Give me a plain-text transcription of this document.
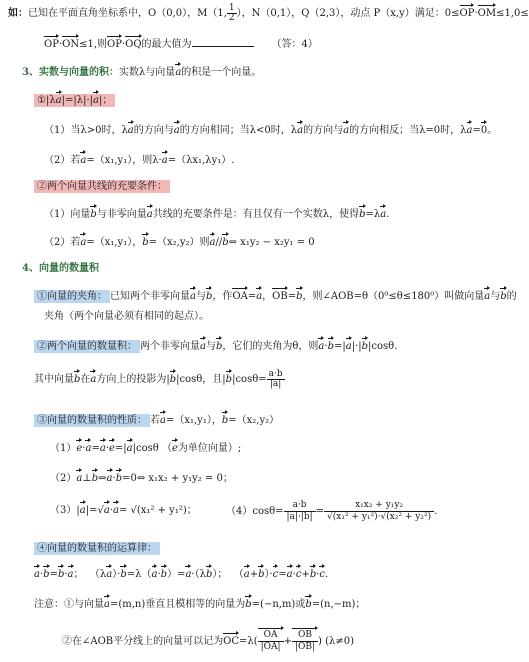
如：已知在平面直角坐标系中，O（0,0），M（1, $\frac{1}{2}$ ），N（0,1），Q（2,3），动点 P（x,y）满足：0≤OP·OM≤1,0≤
OP·ON≤1,则OP·OQ的最大值为	（答：4）
3、实数与向量的积：实数λ与向量a的积是一个向量。
①|λa|=|λ|·|a|；
（1）当λ>0时，λa的方向与a的方向相同；当λ<0时，λa的方向与a的方向相反；当λ=0时，λa=0。
（2）若a=（x₁,y₁），则λ·a=（λx₁,λy₁）.
②两个向量共线的充要条件：
（1）向量b与非零向量a共线的充要条件是：有且仅有一个实数λ，使得b=λa.
（2）若a=（x₁,y₁），b=（x₂,y₂）则a//b⇔ x₁y₂ − x₂y₁ = 0
4、向量的数量积
①向量的夹角： 已知两个非零向量a与b，作OA=a，OB=b，则∠AOB=θ（0⁰≤θ≤180⁰）叫做向量a与b的
夹角（两个向量必须有相同的起点）。
②两个向量的数量积： 两个非零向量a与b，它们的夹角为θ，则a·b=|a|·|b|cosθ.
其中向量b在a方向上的投影为|b|cosθ，且$|b|\cos\theta= \frac{a\cdot b}{|a|}$
③向量的数量积的性质： 若a=（x₁,y₁），b=（x₂,y₂）
（1）e·a=a·e=|a|cosθ （e为单位向量）;
（2）a⊥b⇔a·b=0⇔ x₁x₂ + y₁y₂ = 0；
（3）|a|=√a·a= √(x₁² + y₁²)；	$(4)\cos\theta= \frac{a\cdot b}{|a|\cdot|b|} = \frac{\text{x₁x₂ + y₁y₂}}{\text{√(x₁² + y₁²)·√(x₂² + y₂²)}}$ .
④向量的数量积的运算律：
a·b=b·a； （λa）·b=λ（a·b）=a·（λb）； （a+b）·c=a·c+b·c.
注意：①与向量a=(m,n)垂直且模相等的向量为b=(−n,m)或b=(n,−m)；
②在∠AOB平分线上的向量可以记为$OC=\lambda( \frac{OA}{|OA|} + \frac{OB}{|OB|}$ ) (λ≠0)
